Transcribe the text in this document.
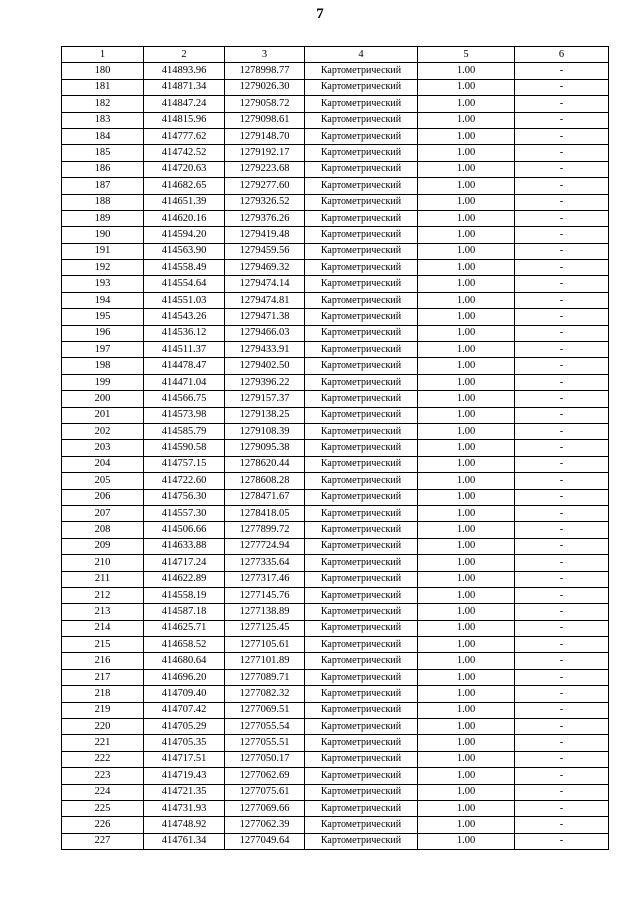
7
1	2	3	4	5	6
180	414893.96	1278998.77	Картометрический	1.00	-
181	414871.34	1279026.30	Картометрический	1.00	-
182	414847.24	1279058.72	Картометрический	1.00	-
183	414815.96	1279098.61	Картометрический	1.00	-
184	414777.62	1279148.70	Картометрический	1.00	-
185	414742.52	1279192.17	Картометрический	1.00	-
186	414720.63	1279223.68	Картометрический	1.00	-
187	414682.65	1279277.60	Картометрический	1.00	-
188	414651.39	1279326.52	Картометрический	1.00	-
189	414620.16	1279376.26	Картометрический	1.00	-
190	414594.20	1279419.48	Картометрический	1.00	-
191	414563.90	1279459.56	Картометрический	1.00	-
192	414558.49	1279469.32	Картометрический	1.00	-
193	414554.64	1279474.14	Картометрический	1.00	-
194	414551.03	1279474.81	Картометрический	1.00	-
195	414543.26	1279471.38	Картометрический	1.00	-
196	414536.12	1279466.03	Картометрический	1.00	-
197	414511.37	1279433.91	Картометрический	1.00	-
198	414478.47	1279402.50	Картометрический	1.00	-
199	414471.04	1279396.22	Картометрический	1.00	-
200	414566.75	1279157.37	Картометрический	1.00	-
201	414573.98	1279138.25	Картометрический	1.00	-
202	414585.79	1279108.39	Картометрический	1.00	-
203	414590.58	1279095.38	Картометрический	1.00	-
204	414757.15	1278620.44	Картометрический	1.00	-
205	414722.60	1278608.28	Картометрический	1.00	-
206	414756.30	1278471.67	Картометрический	1.00	-
207	414557.30	1278418.05	Картометрический	1.00	-
208	414506.66	1277899.72	Картометрический	1.00	-
209	414633.88	1277724.94	Картометрический	1.00	-
210	414717.24	1277335.64	Картометрический	1.00	-
211	414622.89	1277317.46	Картометрический	1.00	-
212	414558.19	1277145.76	Картометрический	1.00	-
213	414587.18	1277138.89	Картометрический	1.00	-
214	414625.71	1277125.45	Картометрический	1.00	-
215	414658.52	1277105.61	Картометрический	1.00	-
216	414680.64	1277101.89	Картометрический	1.00	-
217	414696.20	1277089.71	Картометрический	1.00	-
218	414709.40	1277082.32	Картометрический	1.00	-
219	414707.42	1277069.51	Картометрический	1.00	-
220	414705.29	1277055.54	Картометрический	1.00	-
221	414705.35	1277055.51	Картометрический	1.00	-
222	414717.51	1277050.17	Картометрический	1.00	-
223	414719.43	1277062.69	Картометрический	1.00	-
224	414721.35	1277075.61	Картометрический	1.00	-
225	414731.93	1277069.66	Картометрический	1.00	-
226	414748.92	1277062.39	Картометрический	1.00	-
227	414761.34	1277049.64	Картометрический	1.00	-
